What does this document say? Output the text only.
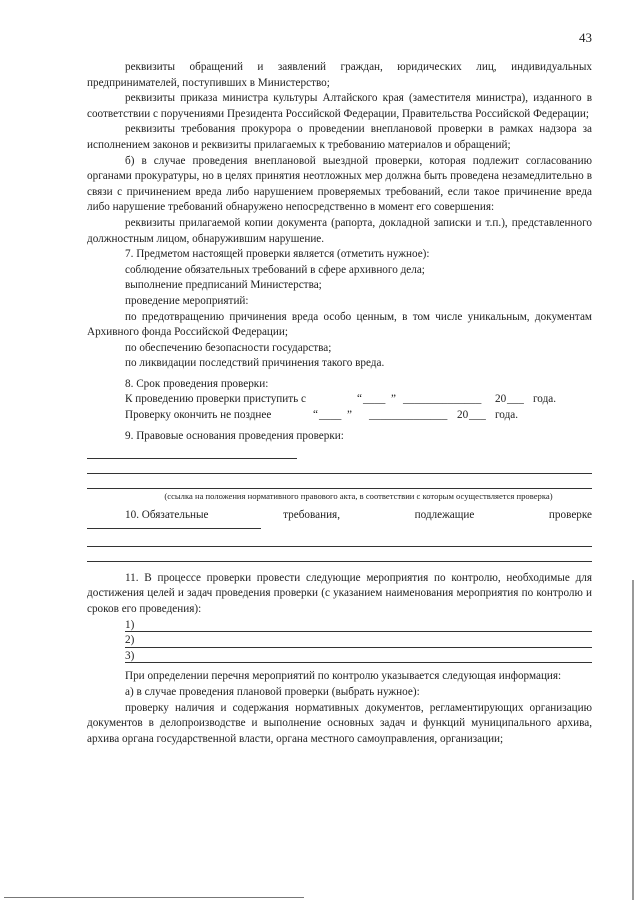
43

реквизиты обращений и заявлений граждан, юридических лиц, индивидуальных предпринимателей, поступивших в Министерство;

реквизиты приказа министра культуры Алтайского края (заместителя министра), изданного в соответствии с поручениями Президента Российской Федерации, Правительства Российской Федерации;

реквизиты требования прокурора о проведении внеплановой проверки в рамках надзора за исполнением законов и реквизиты прилагаемых к требованию материалов и обращений;

б) в случае проведения внеплановой выездной проверки, которая подлежит согласованию органами прокуратуры, но в целях принятия неотложных мер должна быть проведена незамедлительно в связи с причинением вреда либо нарушением проверяемых требований, если такое причинение вреда либо нарушение требований обнаружено непосредственно в момент его совершения:

реквизиты прилагаемой копии документа (рапорта, докладной записки и т.п.), представленного должностным лицом, обнаружившим нарушение.

7. Предметом настоящей проверки является (отметить нужное):

соблюдение обязательных требований в сфере архивного дела;

выполнение предписаний Министерства;

проведение мероприятий:

по предотвращению причинения вреда особо ценным, в том числе уникальным, документам Архивного фонда Российской Федерации;

по обеспечению безопасности государства;

по ликвидации последствий причинения такого вреда.

8. Срок проведения проверки:

К проведению проверки приступить с	“ ____ ” ______________ 20 ___ года.
Проверку окончить не позднее	“ ____ ” ______________ 20 ___ года.

9. Правовые основания проведения проверки:

(ссылка на положения нормативного правового акта, в соответствии с которым осуществляется проверка)
10. Обязательные	требования,	подлежащие	проверке

11. В процессе проверки провести следующие мероприятия по контролю, необходимые для достижения целей и задач проведения проверки (с указанием наименования мероприятия по контролю и сроков его проведения):

1)
2)
3)

При определении перечня мероприятий по контролю указывается следующая информация:

а) в случае проведения плановой проверки (выбрать нужное):

проверку наличия и содержания нормативных документов, регламентирующих организацию документов в делопроизводстве и выполнение основных задач и функций муниципального архива, архива органа государственной власти, органа местного самоуправления, организации;
